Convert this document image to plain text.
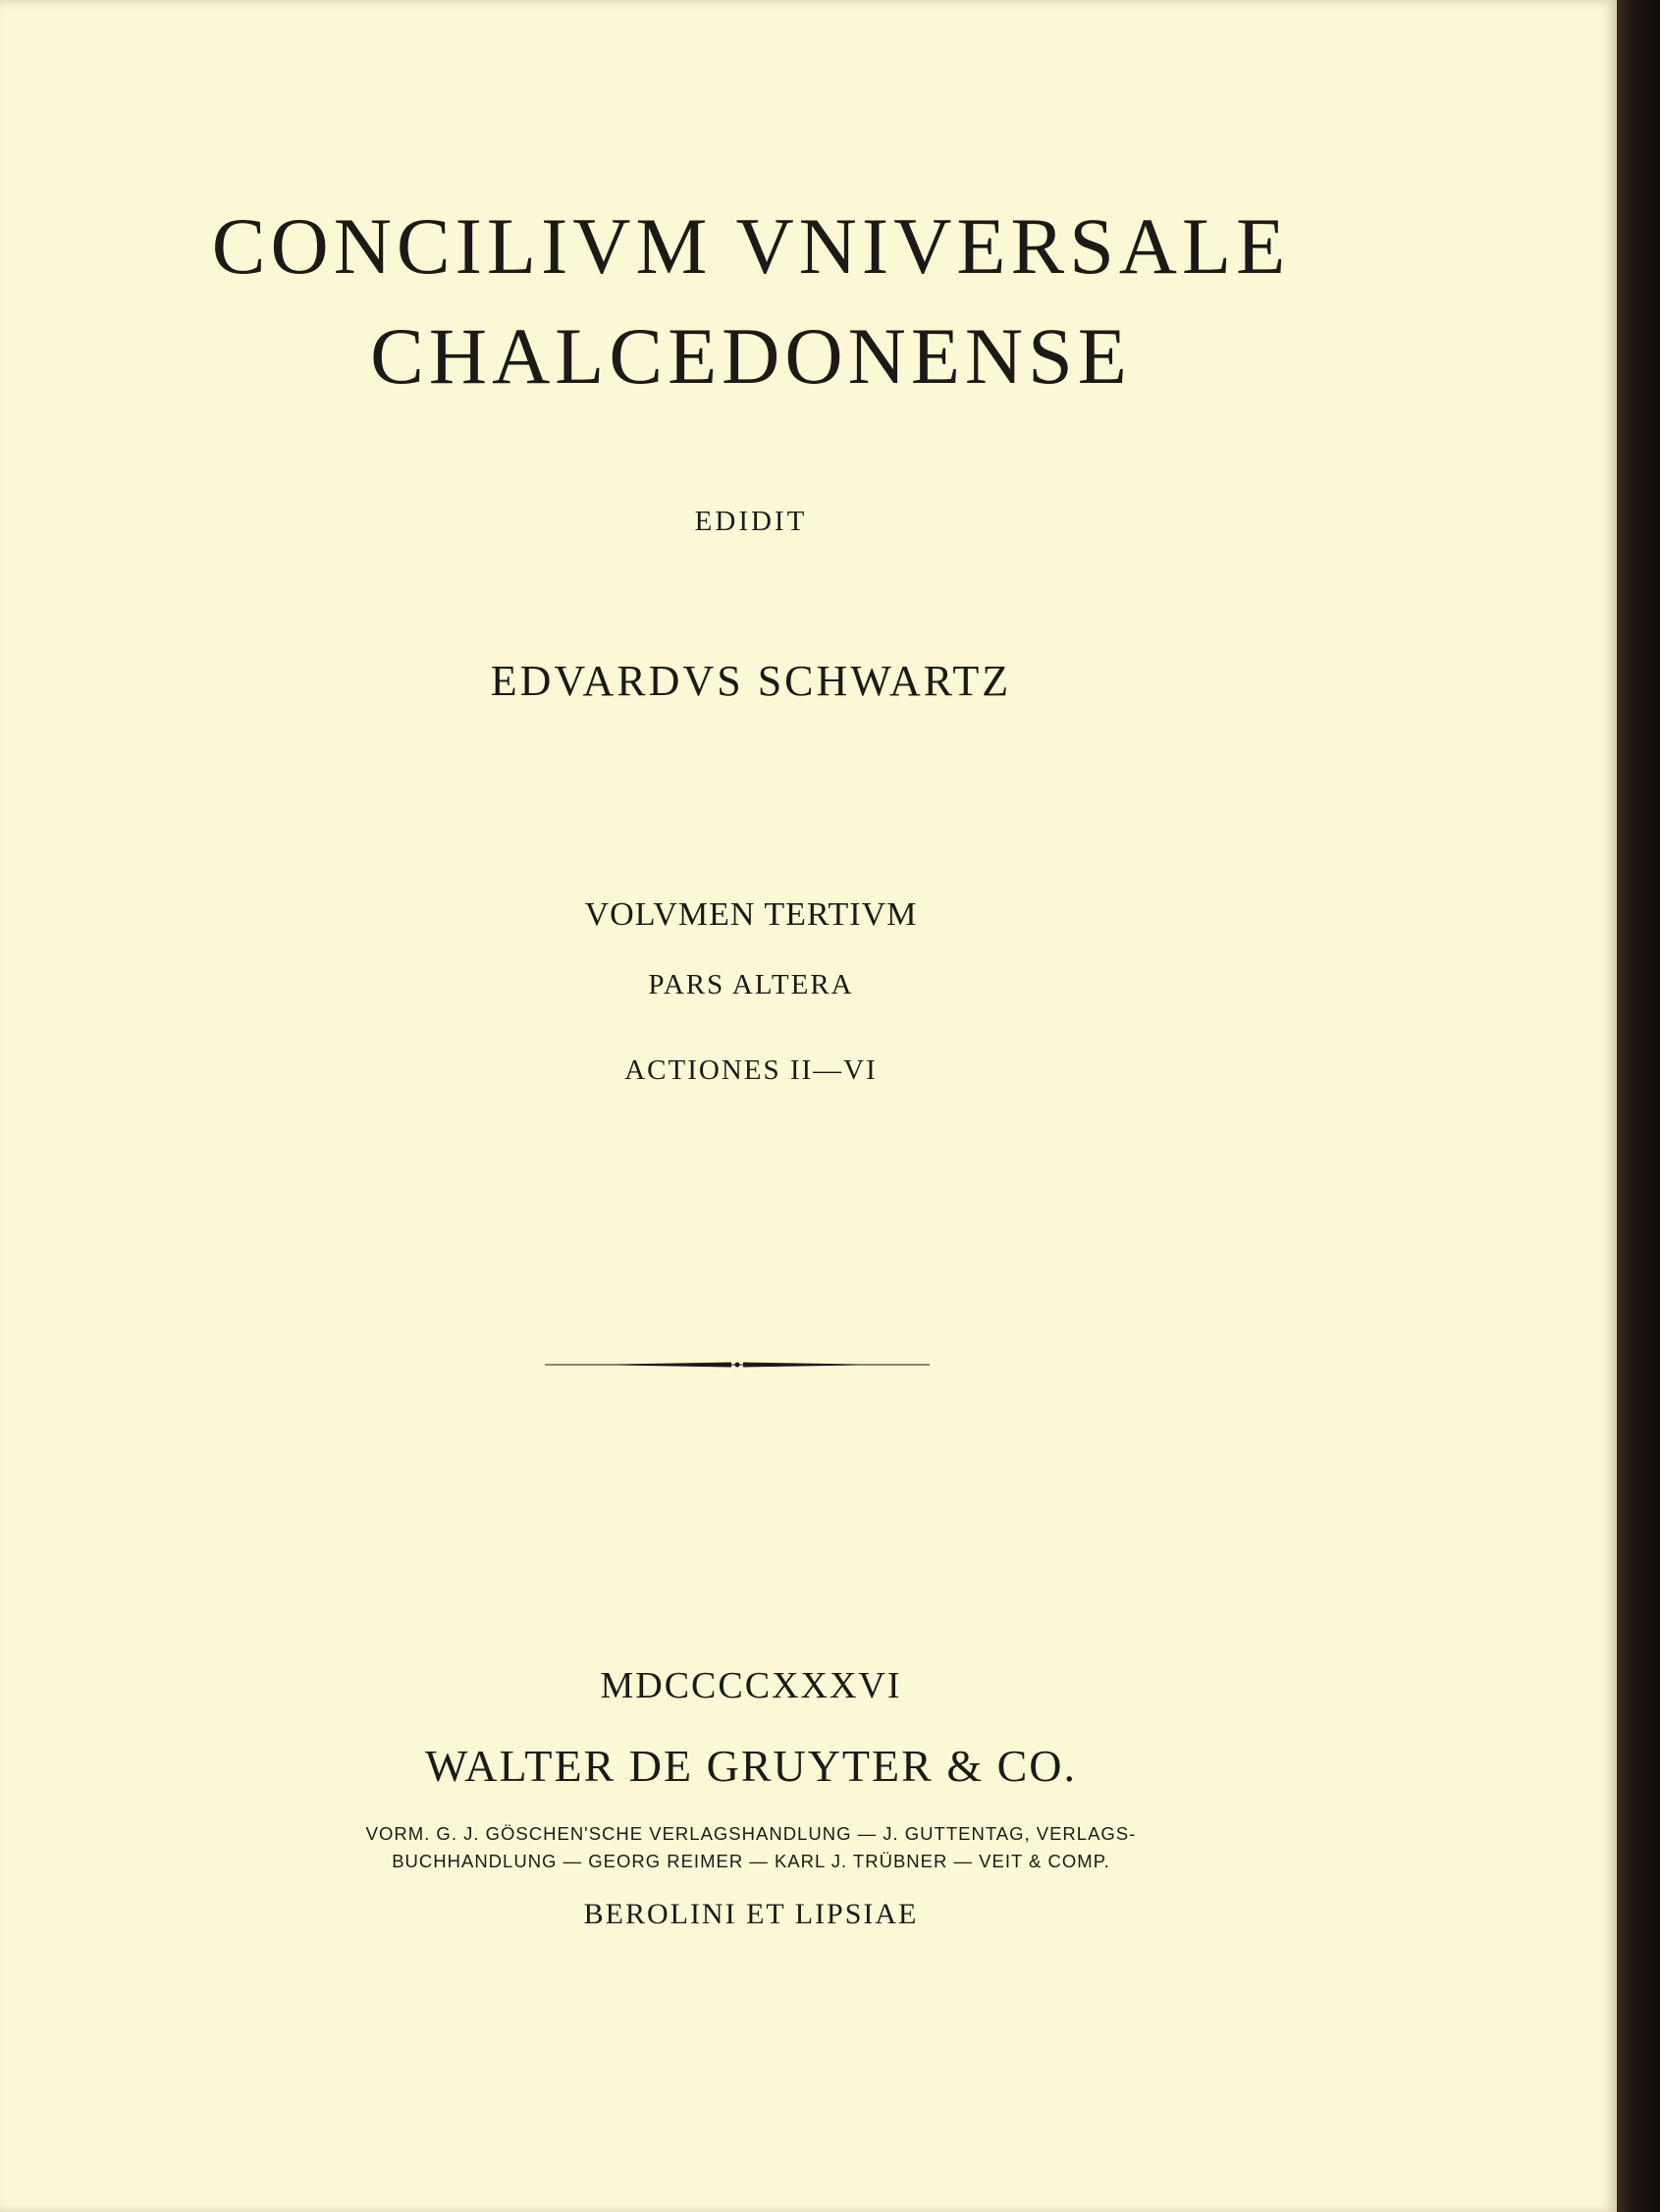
CONCILIVM VNIVERSALE
CHALCEDONENSE
EDIDIT
EDVARDVS SCHWARTZ
VOLVMEN TERTIVM
PARS ALTERA
ACTIONES II—VI
MDCCCCXXXVI
WALTER DE GRUYTER & CO.
VORM. G. J. GÖSCHEN'SCHE VERLAGSHANDLUNG — J. GUTTENTAG, VERLAGS-
BUCHHANDLUNG — GEORG REIMER — KARL J. TRÜBNER — VEIT & COMP.
BEROLINI ET LIPSIAE
